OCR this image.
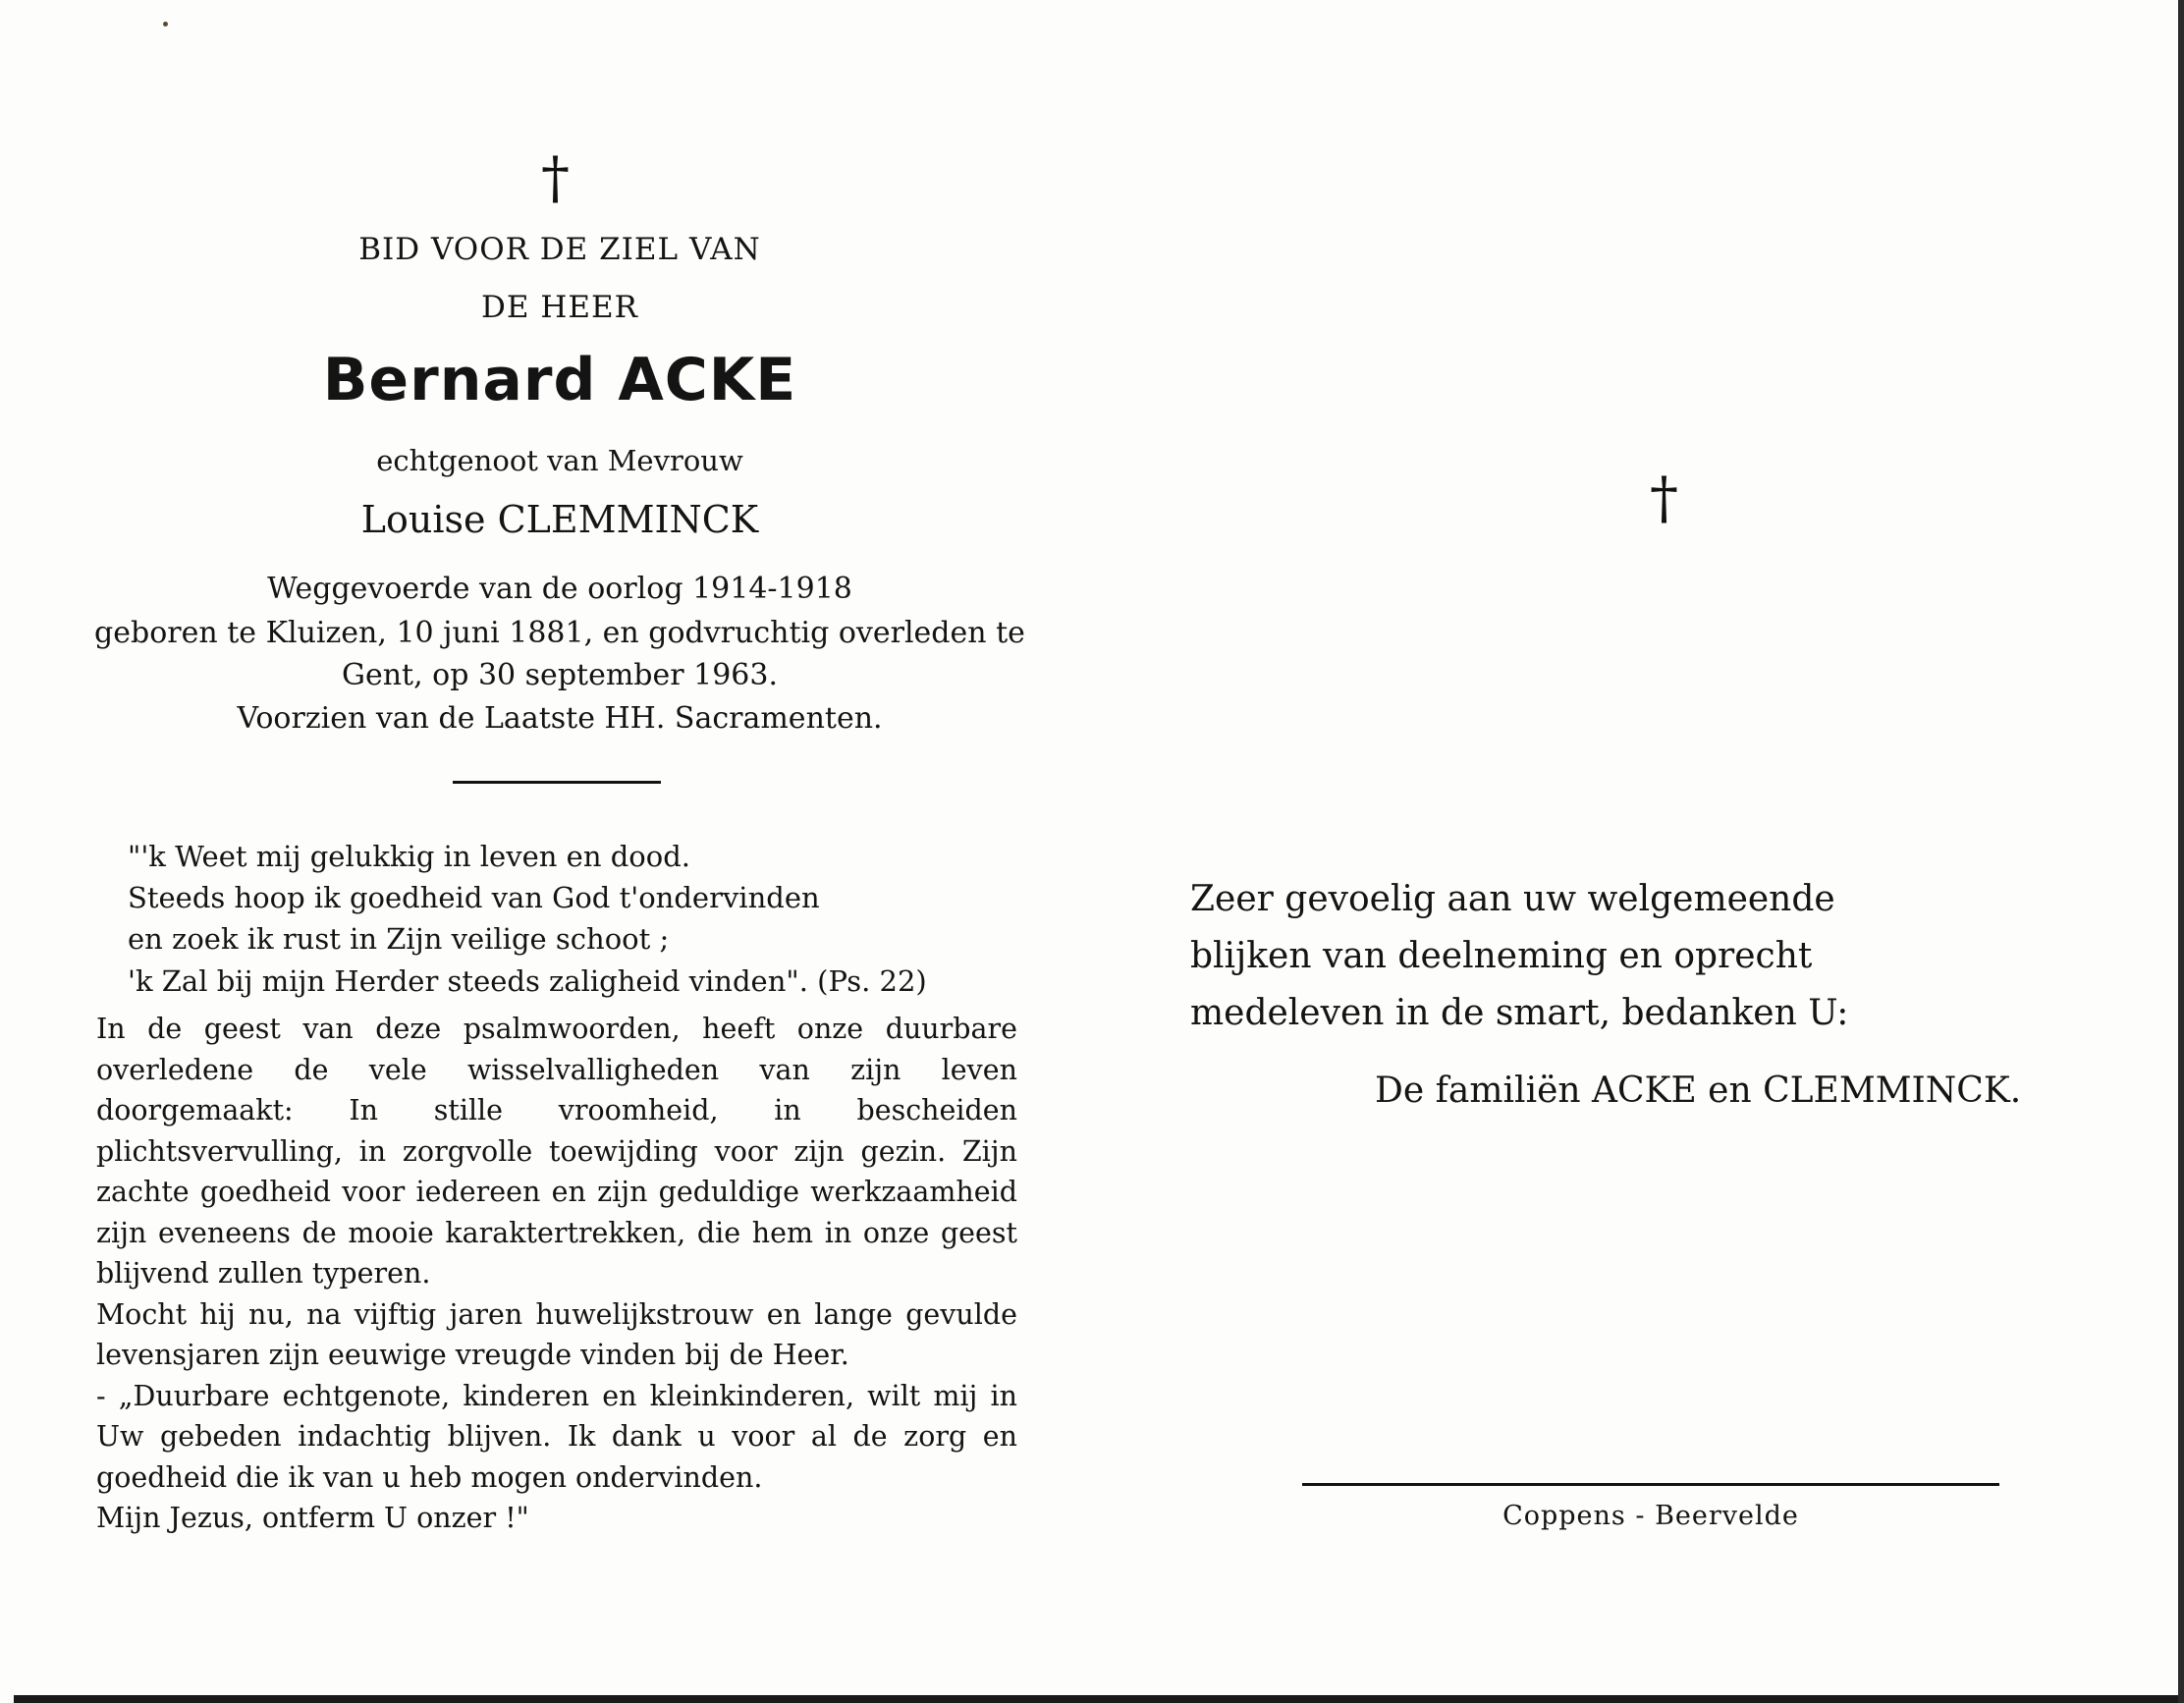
†
BID VOOR DE ZIEL VAN
DE HEER
Bernard ACKE
echtgenoot van Mevrouw
Louise CLEMMINCK
Weggevoerde van de oorlog 1914-1918
geboren te Kluizen, 10 juni 1881, en godvruchtig overleden te
Gent, op 30 september 1963.
Voorzien van de Laatste HH. Sacramenten.
"'k Weet mij gelukkig in leven en dood.
Steeds hoop ik goedheid van God t'ondervinden
en zoek ik rust in Zijn veilige schoot ;
'k Zal bij mijn Herder steeds zaligheid vinden". (Ps. 22)

In de geest van deze psalmwoorden, heeft onze duurbare overledene de vele wisselvalligheden van zijn leven doorgemaakt: In stille vroomheid, in bescheiden plichtsvervulling, in zorgvolle toewijding voor zijn gezin. Zijn zachte goedheid voor iedereen en zijn geduldige werkzaamheid zijn eveneens de mooie karaktertrekken, die hem in onze geest blijvend zullen typeren.

Mocht hij nu, na vijftig jaren huwelijkstrouw en lange gevulde levensjaren zijn eeuwige vreugde vinden bij de Heer.

- „Duurbare echtgenote, kinderen en kleinkinderen, wilt mij in Uw gebeden indachtig blijven. Ik dank u voor al de zorg en goedheid die ik van u heb mogen ondervinden.

Mijn Jezus, ontferm U onzer !"

†
Zeer gevoelig aan uw welgemeende
blijken van deelneming en oprecht
medeleven in de smart, bedanken U:
De familiën ACKE en CLEMMINCK.
Coppens - Beervelde
